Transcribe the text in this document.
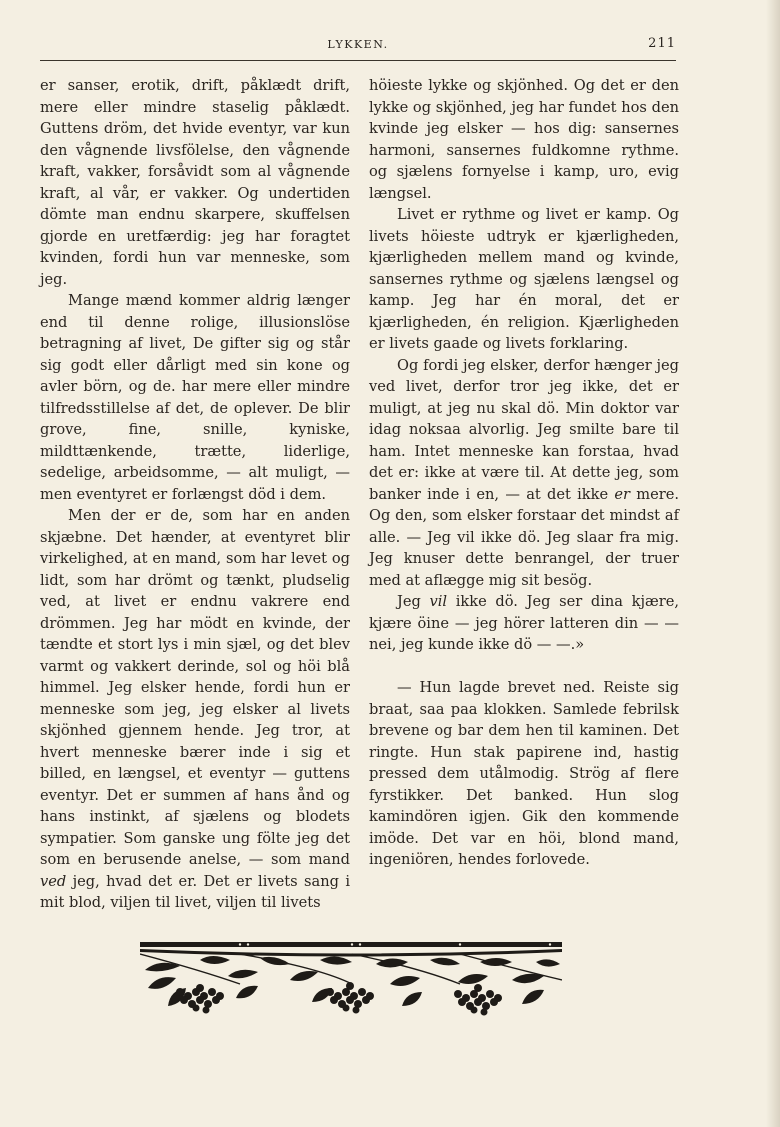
LYKKEN.	211

er sanser, erotik, drift, påklædt drift, mere eller mindre staselig påklædt. Guttens dröm, det hvide eventyr, var kun den vågnende livsfölelse, den vågnende kraft, vakker, forsåvidt som al vågnende kraft, al vår, er vakker. Og undertiden dömte man endnu skarpere, skuffelsen gjorde en uretfærdig: jeg har foragtet kvinden, fordi hun var menneske, som jeg.

Mange mænd kommer aldrig længer end til denne rolige, illusionslöse betragning af livet, De gifter sig og står sig godt eller dårligt med sin kone og avler börn, og de. har mere eller mindre tilfredsstillelse af det, de oplever. De blir grove, fine, snille, kyniske, mildttænkende, trætte, liderlige, sedelige, arbeidsomme, — alt muligt, — men eventyret er forlængst död i dem.

Men der er de, som har en anden skjæbne. Det hænder, at eventyret blir virkelighed, at en mand, som har levet og lidt, som har drömt og tænkt, pludselig ved, at livet er endnu vakrere end drömmen. Jeg har mödt en kvinde, der tændte et stort lys i min sjæl, og det blev varmt og vakkert derinde, sol og höi blå himmel. Jeg elsker hende, fordi hun er menneske som jeg, jeg elsker al livets skjönhed gjennem hende. Jeg tror, at hvert menneske bærer inde i sig et billed, en længsel, et eventyr — guttens eventyr. Det er summen af hans ånd og hans instinkt, af sjælens og blodets sympatier. Som ganske ung fölte jeg det som en berusende anelse, — som mand ved jeg, hvad det er. Det er livets sang i mit blod, viljen til livet, viljen til livets

höieste lykke og skjönhed. Og det er den lykke og skjönhed, jeg har fundet hos den kvinde jeg elsker — hos dig: sansernes harmoni, sansernes fuldkomne rythme. og sjælens fornyelse i kamp, uro, evig længsel.

Livet er rythme og livet er kamp. Og livets höieste udtryk er kjærligheden, kjærligheden mellem mand og kvinde, sansernes rythme og sjælens længsel og kamp. Jeg har én moral, det er kjærligheden, én religion. Kjærligheden er livets gaade og livets forklaring.

Og fordi jeg elsker, derfor hænger jeg ved livet, derfor tror jeg ikke, det er muligt, at jeg nu skal dö. Min doktor var idag noksaa alvorlig. Jeg smilte bare til ham. Intet menneske kan forstaa, hvad det er: ikke at være til. At dette jeg, som banker inde i en, — at det ikke er mere. Og den, som elsker forstaar det mindst af alle. — Jeg vil ikke dö. Jeg slaar fra mig. Jeg knuser dette benrangel, der truer med at aflægge mig sit besög.

Jeg vil ikke dö. Jeg ser dina kjære, kjære öine — jeg hörer latteren din — — nei, jeg kunde ikke dö — —.»

— Hun lagde brevet ned. Reiste sig braat, saa paa klokken. Samlede febrilsk brevene og bar dem hen til kaminen. Det ringte. Hun stak papirene ind, hastig pressed dem utålmodig. Strög af flere fyrstikker. Det banked. Hun slog kamindören igjen. Gik den kommende imöde. Det var en höi, blond mand, ingeniören, hendes forlovede.
